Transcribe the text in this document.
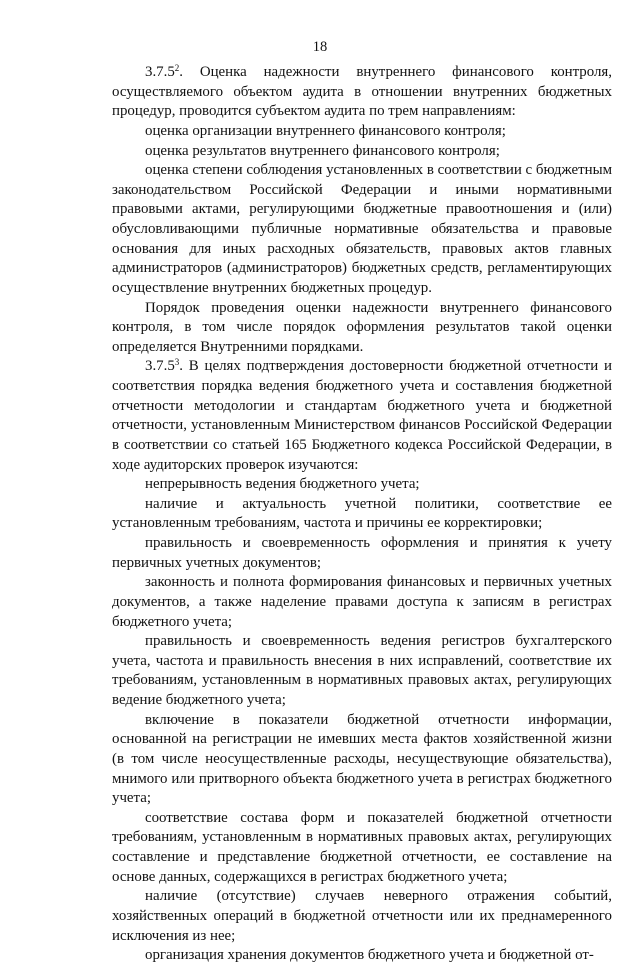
18

3.7.5$^2$. Оценка надежности внутреннего финансового контроля, осуществляемого объектом аудита в отношении внутренних бюджетных процедур, проводится субъектом аудита по трем направлениям:

оценка организации внутреннего финансового контроля;

оценка результатов внутреннего финансового контроля;

оценка степени соблюдения установленных в соответствии с бюджетным законодательством Российской Федерации и иными нормативными правовыми актами, регулирующими бюджетные правоотношения и (или) обусловливающими публичные нормативные обязательства и правовые основания для иных расходных обязательств, правовых актов главных администраторов (администраторов) бюджетных средств, регламентирующих осуществление внутренних бюджетных процедур.

Порядок проведения оценки надежности внутреннего финансового контроля, в том числе порядок оформления результатов такой оценки определяется Внутренними порядками.

3.7.5$^3$. В целях подтверждения достоверности бюджетной отчетности и соответствия порядка ведения бюджетного учета и составления бюджетной отчетности методологии и стандартам бюджетного учета и бюджетной отчетности, установленным Министерством финансов Российской Федерации в соответствии со статьей 165 Бюджетного кодекса Российской Федерации, в ходе аудиторских проверок изучаются:

непрерывность ведения бюджетного учета;

наличие и актуальность учетной политики, соответствие ее установленным требованиям, частота и причины ее корректировки;

правильность и своевременность оформления и принятия к учету первичных учетных документов;

законность и полнота формирования финансовых и первичных учетных документов, а также наделение правами доступа к записям в регистрах бюджетного учета;

правильность и своевременность ведения регистров бухгалтерского учета, частота и правильность внесения в них исправлений, соответствие их требованиям, установленным в нормативных правовых актах, регулирующих ведение бюджетного учета;

включение в показатели бюджетной отчетности информации, основанной на регистрации не имевших места фактов хозяйственной жизни (в том числе неосуществленные расходы, несуществующие обязательства), мнимого или притворного объекта бюджетного учета в регистрах бюджетного учета;

соответствие состава форм и показателей бюджетной отчетности требованиям, установленным в нормативных правовых актах, регулирующих составление и представление бюджетной отчетности, ее составление на основе данных, содержащихся в регистрах бюджетного учета;

наличие (отсутствие) случаев неверного отражения событий, хозяйственных операций в бюджетной отчетности или их преднамеренного исключения из нее;

организация хранения документов бюджетного учета и бюджетной от-
